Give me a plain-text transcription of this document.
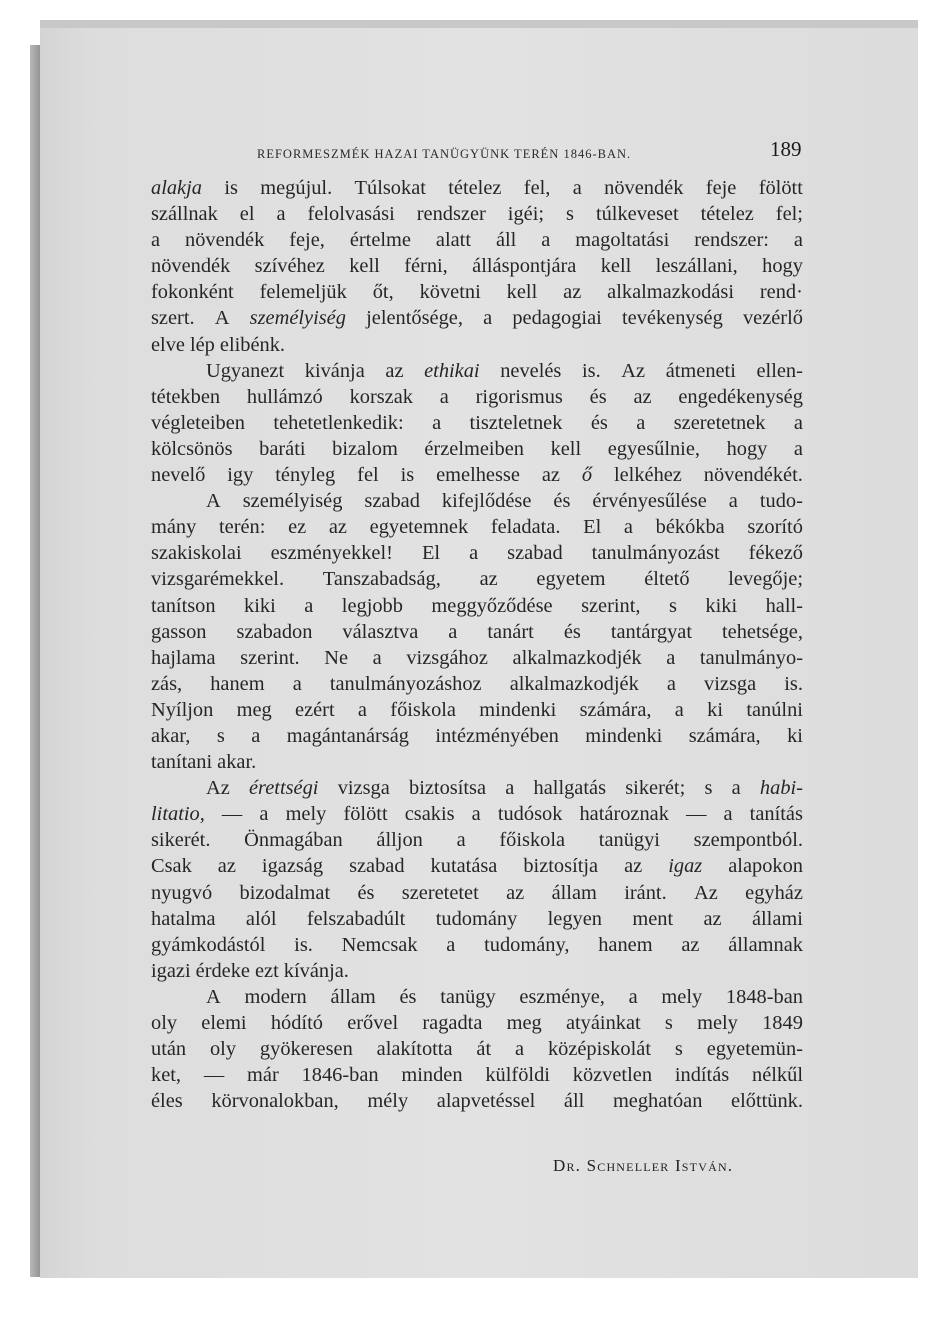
REFORMESZMÉK HAZAI TANÜGYÜNK TERÉN 1846-BAN.	189
alakja is megújul. Túlsokat tételez fel, a növendék feje fölött
szállnak el a felolvasási rendszer igéi; s túlkeveset tételez fel;
a növendék feje, értelme alatt áll a magoltatási rendszer: a
növendék szívéhez kell férni, álláspontjára kell leszállani, hogy
fokonként felemeljük őt, követni kell az alkalmazkodási rend·
szert. A személyiség jelentősége, a pedagogiai tevékenység vezérlő
elve lép elibénk.
Ugyanezt kivánja az ethikai nevelés is. Az átmeneti ellen-
tétekben hullámzó korszak a rigorismus és az engedékenység
végleteiben tehetetlenkedik: a tiszteletnek és a szeretetnek a
kölcsönös baráti bizalom érzelmeiben kell egyesűlnie, hogy a
nevelő igy tényleg fel is emelhesse az ő lelkéhez növendékét.
A személyiség szabad kifejlődése és érvényesűlése a tudo-
mány terén: ez az egyetemnek feladata. El a békókba szorító
szakiskolai eszményekkel! El a szabad tanulmányozást fékező
vizsgarémekkel. Tanszabadság, az egyetem éltető levegője;
tanítson kiki a legjobb meggyőződése szerint, s kiki hall-
gasson szabadon választva a tanárt és tantárgyat tehetsége,
hajlama szerint. Ne a vizsgához alkalmazkodjék a tanulmányo-
zás, hanem a tanulmányozáshoz alkalmazkodjék a vizsga is.
Nyíljon meg ezért a főiskola mindenki számára, a ki tanúlni
akar, s a magántanárság intézményében mindenki számára, ki
tanítani akar.
Az érettségi vizsga biztosítsa a hallgatás sikerét; s a habi-
litatio, — a mely fölött csakis a tudósok határoznak — a tanítás
sikerét. Önmagában álljon a főiskola tanügyi szempontból.
Csak az igazság szabad kutatása biztosítja az igaz alapokon
nyugvó bizodalmat és szeretetet az állam iránt. Az egyház
hatalma alól felszabadúlt tudomány legyen ment az állami
gyámkodástól is. Nemcsak a tudomány, hanem az államnak
igazi érdeke ezt kívánja.
A modern állam és tanügy eszménye, a mely 1848-ban
oly elemi hódító erővel ragadta meg atyáinkat s mely 1849
után oly gyökeresen alakította át a középiskolát s egyetemün-
ket, — már 1846-ban minden külföldi közvetlen indítás nélkűl
éles körvonalokban, mély alapvetéssel áll meghatóan előttünk.
Dr. Schneller István.
